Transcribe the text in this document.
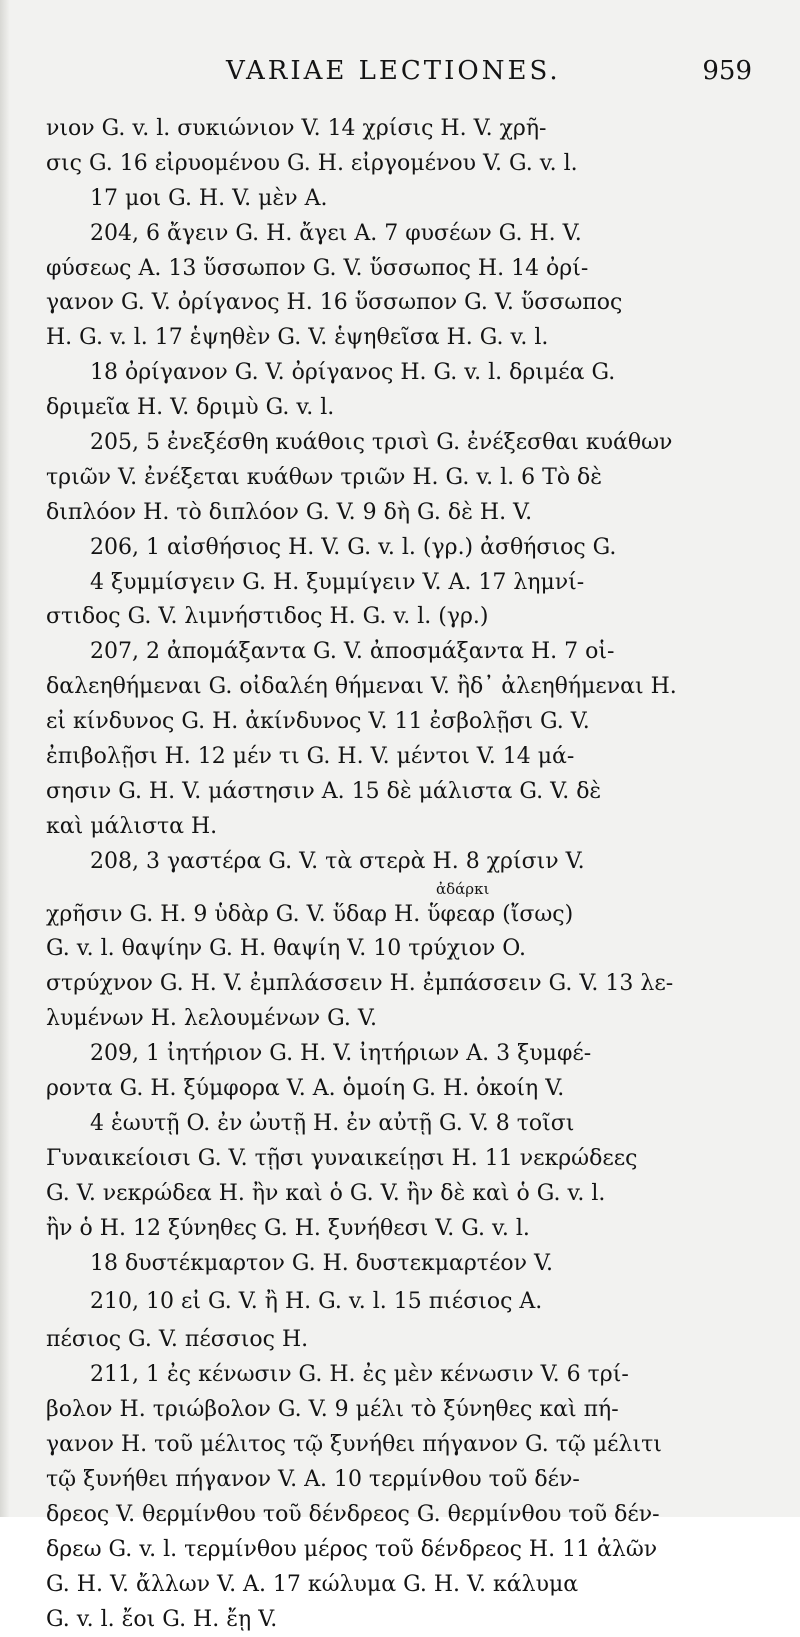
VARIAE LECTIONES.	959
νιον G. v. l. συκιώνιον V. 14 χρίσις H. V. χρῆ-
σις G. 16 εἰρυομένου G. H. εἰργομένου V. G. v. l.
17 μοι G. H. V. μὲν A.
204, 6 ἄγειν G. H. ἄγει A. 7 φυσέων G. H. V.
φύσεως A. 13 ὕσσωπον G. V. ὕσσωπος H. 14 ὀρί-
γανον G. V. ὀρίγανος H. 16 ὕσσωπον G. V. ὕσσωπος
H. G. v. l. 17 ἑψηθὲν G. V. ἑψηθεῖσα H. G. v. l.
18 ὀρίγανον G. V. ὀρίγανος H. G. v. l. δριμέα G.
δριμεῖα H. V. δριμὺ G. v. l.
205, 5 ἐνεξέσθη κυάθοις τρισὶ G. ἐνέξεσθαι κυάθων
τριῶν V. ἐνέξεται κυάθων τριῶν H. G. v. l. 6 Τὸ δὲ
διπλόον H. τὸ διπλόον G. V. 9 δὴ G. δὲ H. V.
206, 1 αἰσθήσιος H. V. G. v. l. (γρ.) ἀσθήσιος G.
4 ξυμμίσγειν G. H. ξυμμίγειν V. A. 17 λημνί-
στιδος G. V. λιμνήστιδος H. G. v. l. (γρ.)
207, 2 ἀπομάξαντα G. V. ἀποσμάξαντα H. 7 οἱ-
δαλεηθήμεναι G. οἰδαλέη θήμεναι V. ἢδ᾽ ἀλεηθήμεναι H.
εἰ κίνδυνος G. H. ἀκίνδυνος V. 11 ἐσβολῇσι G. V.
ἐπιβολῇσι H. 12 μέν τι G. H. V. μέντοι V. 14 μά-
σησιν G. H. V. μάστησιν A. 15 δὲ μάλιστα G. V. δὲ
καὶ μάλιστα H.
208, 3 γαστέρα G. V. τὰ στερὰ H. 8 χρίσιν V.
ἀδάρκι
χρῆσιν G. H. 9 ὑδὰρ G. V. ὕδαρ H. ὕφεαρ (ἴσως)
G. v. l. θαψίην G. H. θαψίη V. 10 τρύχιον O.
στρύχνον G. H. V. ἐμπλάσσειν H. ἐμπάσσειν G. V. 13 λε-
λυμένων H. λελουμένων G. V.
209, 1 ἰητήριον G. H. V. ἰητήριων A. 3 ξυμφέ-
ροντα G. H. ξύμφορα V. A. ὁμοίη G. H. ὀκοίη V.
4 ἑωυτῇ O. ἐν ὠυτῇ H. ἐν αὐτῇ G. V. 8 τοῖσι
Γυναικείοισι G. V. τῇσι γυναικείῃσι H. 11 νεκρώδεες
G. V. νεκρώδεα H. ἢν καὶ ὁ G. V. ἢν δὲ καὶ ὁ G. v. l.
ἢν ὁ H. 12 ξύνηθες G. H. ξυνήθεσι V. G. v. l.
18 δυστέκμαρτον G. H. δυστεκμαρτέον V.
210, 10 εἰ G. V. ἢ H. G. v. l. 15 πιέσιος A.
πέσιος G. V. πέσσιος H.
211, 1 ἐς κένωσιν G. H. ἐς μὲν κένωσιν V. 6 τρί-
βολον H. τριώβολον G. V. 9 μέλι τὸ ξύνηθες καὶ πή-
γανον H. τοῦ μέλιτος τῷ ξυνήθει πήγανον G. τῷ μέλιτι
τῷ ξυνήθει πήγανον V. A. 10 τερμίνθου τοῦ δέν-
δρεος V. θερμίνθου τοῦ δένδρεος G. θερμίνθου τοῦ δέν-
δρεω G. v. l. τερμίνθου μέρος τοῦ δένδρεος H. 11 ἀλῶν
G. H. V. ἄλλων V. A. 17 κώλυμα G. H. V. κάλυμα
G. v. l. ἔοι G. H. ἔῃ V.
